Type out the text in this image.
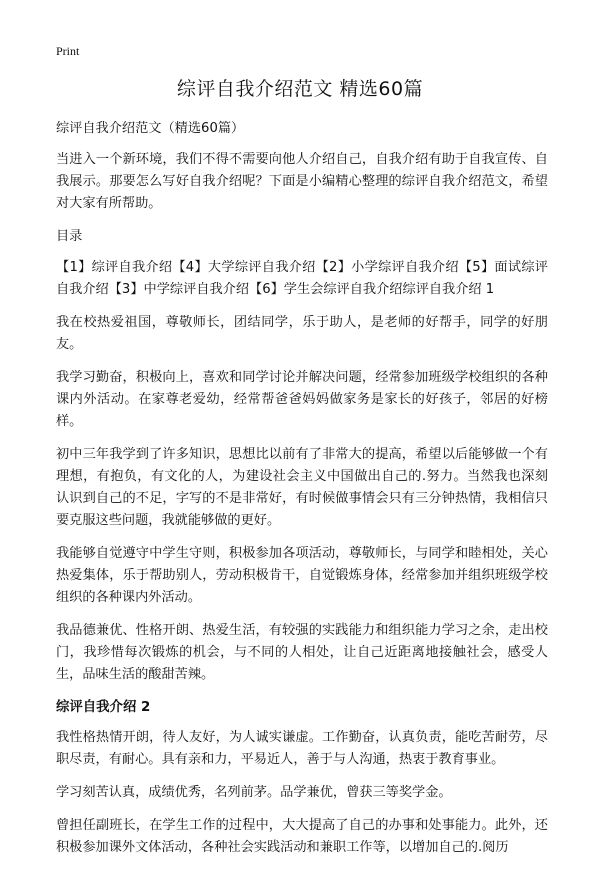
Print
综评自我介绍范文 精选60篇

综评自我介绍范文（精选60篇）

当进入一个新环境，我们不得不需要向他人介绍自己，自我介绍有助于自我宣传、自我展示。那要怎么写好自我介绍呢？下面是小编精心整理的综评自我介绍范文，希望对大家有所帮助。

目录

【1】综评自我介绍【4】大学综评自我介绍【2】小学综评自我介绍【5】面试综评自我介绍【3】中学综评自我介绍【6】学生会综评自我介绍综评自我介绍 1

我在校热爱祖国，尊敬师长，团结同学，乐于助人，是老师的好帮手，同学的好朋友。

我学习勤奋，积极向上，喜欢和同学讨论并解决问题，经常参加班级学校组织的各种课内外活动。在家尊老爱幼，经常帮爸爸妈妈做家务是家长的好孩子，邻居的好榜样。

初中三年我学到了许多知识，思想比以前有了非常大的提高，希望以后能够做一个有理想，有抱负，有文化的人，为建设社会主义中国做出自己的.努力。当然我也深刻认识到自己的不足，字写的不是非常好，有时候做事情会只有三分钟热情，我相信只要克服这些问题，我就能够做的更好。

我能够自觉遵守中学生守则，积极参加各项活动，尊敬师长，与同学和睦相处，关心热爱集体，乐于帮助别人，劳动积极肯干，自觉锻炼身体，经常参加并组织班级学校组织的各种课内外活动。

我品德兼优、性格开朗、热爱生活，有较强的实践能力和组织能力学习之余，走出校门，我珍惜每次锻炼的机会，与不同的人相处，让自己近距离地接触社会，感受人生，品味生活的酸甜苦辣。

综评自我介绍 2

我性格热情开朗，待人友好，为人诚实谦虚。工作勤奋，认真负责，能吃苦耐劳，尽职尽责，有耐心。具有亲和力，平易近人，善于与人沟通，热衷于教育事业。

学习刻苦认真，成绩优秀，名列前茅。品学兼优，曾获三等奖学金。

曾担任副班长，在学生工作的过程中，大大提高了自己的办事和处事能力。此外，还积极参加课外文体活动，各种社会实践活动和兼职工作等，以增加自己的.阅历
